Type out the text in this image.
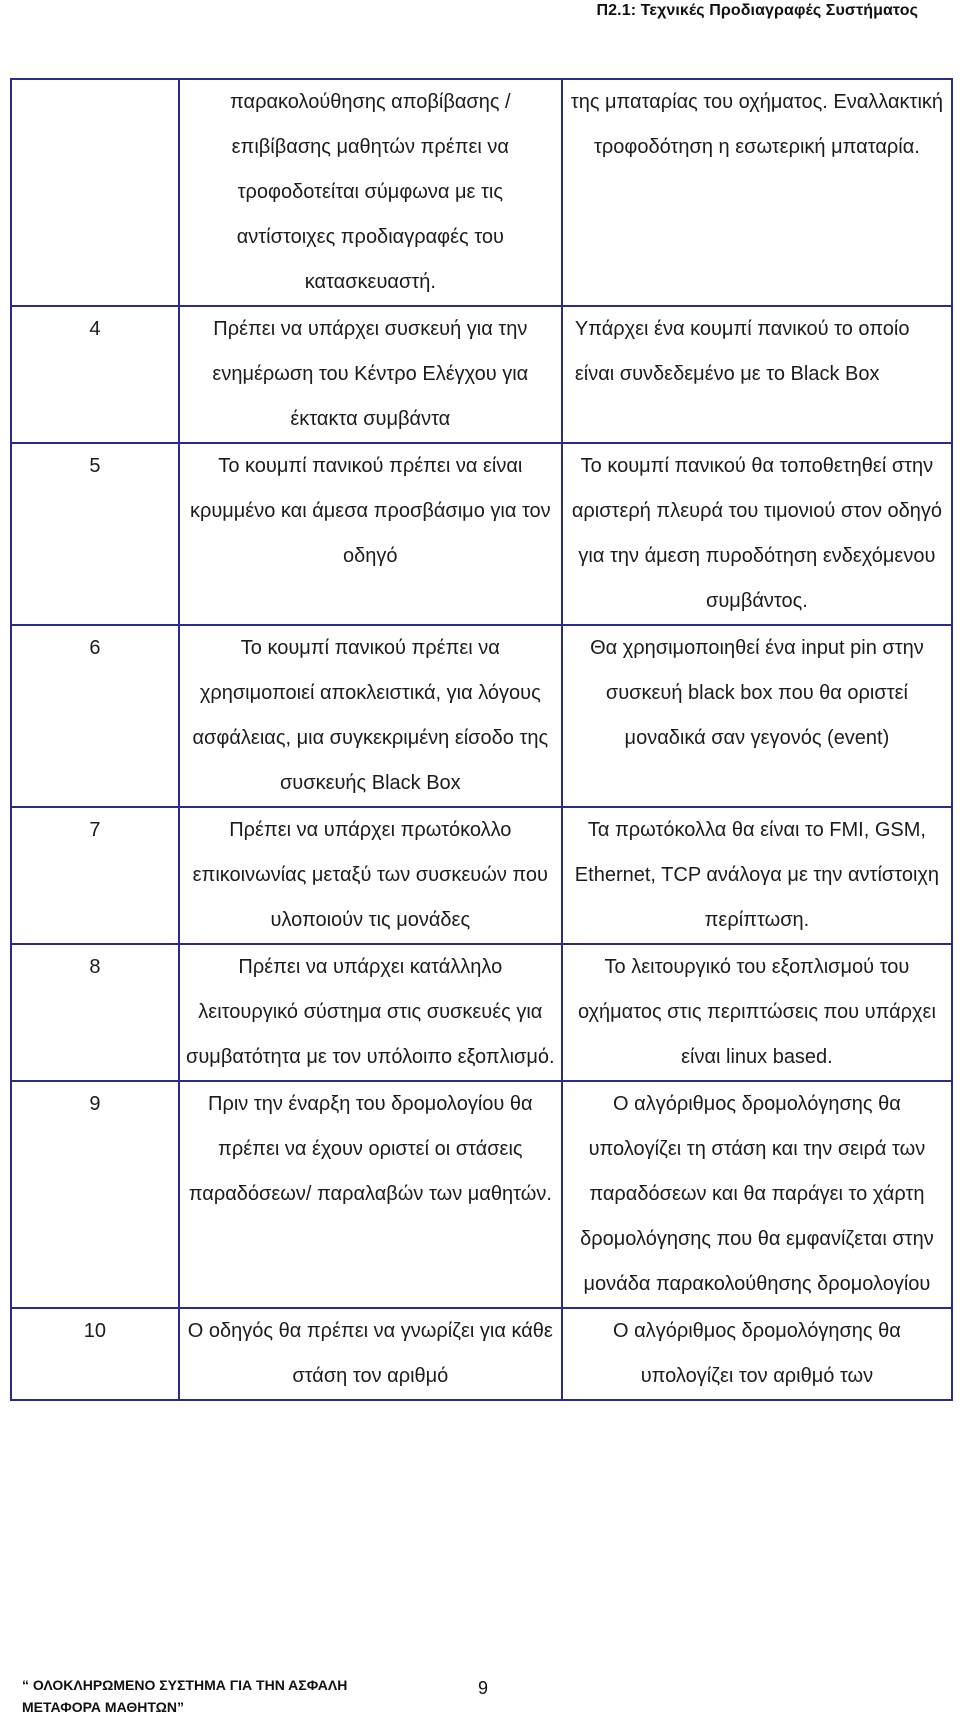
Π2.1: Τεχνικές Προδιαγραφές Συστήματος
	παρακολούθησης αποβίβασης /επιβίβασης μαθητών πρέπει να τροφοδοτείται σύμφωνα με τις αντίστοιχες προδιαγραφές του κατασκευαστή.	της μπαταρίας του οχήματος. Εναλλακτική τροφοδότηση η εσωτερική μπαταρία.
4	Πρέπει να υπάρχει συσκευή για την ενημέρωση του Κέντρο Ελέγχου για έκτακτα συμβάντα	Υπάρχει ένα κουμπί πανικού το οποίο είναι συνδεδεμένο με το Black Box
5	Το κουμπί πανικού πρέπει να είναι κρυμμένο και άμεσα προσβάσιμο για τον οδηγό	Το κουμπί πανικού θα τοποθετηθεί στην αριστερή πλευρά του τιμονιού στον οδηγό για την άμεση πυροδότηση ενδεχόμενου συμβάντος.
6	Το κουμπί πανικού πρέπει να χρησιμοποιεί αποκλειστικά, για λόγους ασφάλειας, μια συγκεκριμένη είσοδο της συσκευής Black Box	Θα χρησιμοποιηθεί ένα input pin στην συσκευή black box που θα οριστεί μοναδικά σαν γεγονός (event)
7	Πρέπει να υπάρχει πρωτόκολλο επικοινωνίας μεταξύ των συσκευών που υλοποιούν τις μονάδες	Τα πρωτόκολλα θα είναι το FMI, GSM, Ethernet, TCP ανάλογα με την αντίστοιχη περίπτωση.
8	Πρέπει να υπάρχει κατάλληλο λειτουργικό σύστημα στις συσκευές για συμβατότητα με τον υπόλοιπο εξοπλισμό.	Το λειτουργικό του εξοπλισμού του οχήματος στις περιπτώσεις που υπάρχει είναι linux based.
9	Πριν την έναρξη του δρομολογίου θα πρέπει να έχουν οριστεί οι στάσεις παραδόσεων/ παραλαβών των μαθητών.	Ο αλγόριθμος δρομολόγησης θα υπολογίζει τη στάση και την σειρά των παραδόσεων και θα παράγει το χάρτη δρομολόγησης που θα εμφανίζεται στην μονάδα παρακολούθησης δρομολογίου
10	Ο οδηγός θα πρέπει να γνωρίζει για κάθε στάση τον αριθμό	Ο αλγόριθμος δρομολόγησης θα υπολογίζει τον αριθμό των
“ ΟΛΟΚΛΗΡΩΜΕΝΟ ΣΥΣΤΗΜΑ ΓΙΑ ΤΗΝ ΑΣΦΑΛΗ ΜΕΤΑΦΟΡΑ ΜΑΘΗΤΩΝ”
9
